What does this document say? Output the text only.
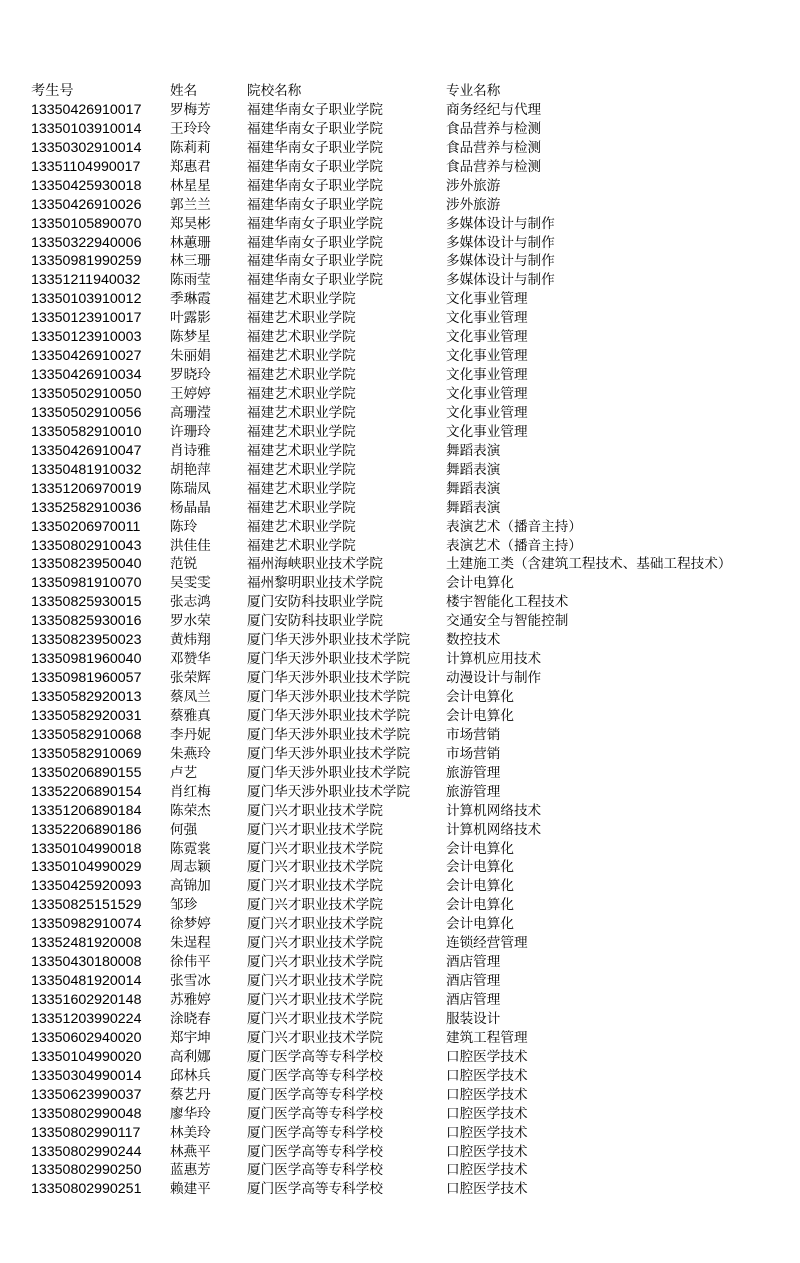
考生号	姓名	院校名称	专业名称
13350426910017 罗梅芳	福建华南女子职业学院	商务经纪与代理
13350103910014 王玲玲	福建华南女子职业学院	食品营养与检测
13350302910014 陈莉莉	福建华南女子职业学院	食品营养与检测
13351104990017 郑惠君	福建华南女子职业学院	食品营养与检测
13350425930018 林星星	福建华南女子职业学院	涉外旅游
13350426910026 郭兰兰	福建华南女子职业学院	涉外旅游
13350105890070 郑昊彬	福建华南女子职业学院	多媒体设计与制作
13350322940006 林蕙珊	福建华南女子职业学院	多媒体设计与制作
13350981990259 林三珊	福建华南女子职业学院	多媒体设计与制作
13351211940032 陈雨莹	福建华南女子职业学院	多媒体设计与制作
13350103910012 季琳霞	福建艺术职业学院	文化事业管理
13350123910017 叶露影	福建艺术职业学院	文化事业管理
13350123910003 陈梦星	福建艺术职业学院	文化事业管理
13350426910027 朱丽娟	福建艺术职业学院	文化事业管理
13350426910034 罗晓玲	福建艺术职业学院	文化事业管理
13350502910050 王婷婷	福建艺术职业学院	文化事业管理
13350502910056 高珊滢	福建艺术职业学院	文化事业管理
13350582910010 许珊玲	福建艺术职业学院	文化事业管理
13350426910047 肖诗雅	福建艺术职业学院	舞蹈表演
13350481910032 胡艳萍	福建艺术职业学院	舞蹈表演
13351206970019 陈瑞凤	福建艺术职业学院	舞蹈表演
13352582910036 杨晶晶	福建艺术职业学院	舞蹈表演
13350206970011 陈玲	福建艺术职业学院	表演艺术（播音主持）
13350802910043 洪佳佳	福建艺术职业学院	表演艺术（播音主持）
13350823950040 范锐	福州海峡职业技术学院	土建施工类（含建筑工程技术、基础工程技术）
13350981910070 吴雯雯	福州黎明职业技术学院	会计电算化
13350825930015 张志鸿	厦门安防科技职业学院	楼宇智能化工程技术
13350825930016 罗水荣	厦门安防科技职业学院	交通安全与智能控制
13350823950023 黄炜翔	厦门华天涉外职业技术学院	数控技术
13350981960040 邓赞华	厦门华天涉外职业技术学院	计算机应用技术
13350981960057 张荣辉	厦门华天涉外职业技术学院	动漫设计与制作
13350582920013 蔡凤兰	厦门华天涉外职业技术学院	会计电算化
13350582920031 蔡雅真	厦门华天涉外职业技术学院	会计电算化
13350582910068 李丹妮	厦门华天涉外职业技术学院	市场营销
13350582910069 朱燕玲	厦门华天涉外职业技术学院	市场营销
13350206890155 卢艺	厦门华天涉外职业技术学院	旅游管理
13352206890154 肖红梅	厦门华天涉外职业技术学院	旅游管理
13351206890184 陈荣杰	厦门兴才职业技术学院	计算机网络技术
13352206890186 何强	厦门兴才职业技术学院	计算机网络技术
13350104990018 陈霓裳	厦门兴才职业技术学院	会计电算化
13350104990029 周志颖	厦门兴才职业技术学院	会计电算化
13350425920093 高锦加	厦门兴才职业技术学院	会计电算化
13350825151529 邹珍	厦门兴才职业技术学院	会计电算化
13350982910074 徐梦婷	厦门兴才职业技术学院	会计电算化
13352481920008 朱逞程	厦门兴才职业技术学院	连锁经营管理
13350430180008 徐伟平	厦门兴才职业技术学院	酒店管理
13350481920014 张雪冰	厦门兴才职业技术学院	酒店管理
13351602920148 苏雅婷	厦门兴才职业技术学院	酒店管理
13351203990224 涂晓春	厦门兴才职业技术学院	服装设计
13350602940020 郑宇坤	厦门兴才职业技术学院	建筑工程管理
13350104990020 高利娜	厦门医学高等专科学校	口腔医学技术
13350304990014 邱林兵	厦门医学高等专科学校	口腔医学技术
13350623990037 蔡艺丹	厦门医学高等专科学校	口腔医学技术
13350802990048 廖华玲	厦门医学高等专科学校	口腔医学技术
13350802990117 林美玲	厦门医学高等专科学校	口腔医学技术
13350802990244 林燕平	厦门医学高等专科学校	口腔医学技术
13350802990250 蓝惠芳	厦门医学高等专科学校	口腔医学技术
13350802990251 赖建平	厦门医学高等专科学校	口腔医学技术
